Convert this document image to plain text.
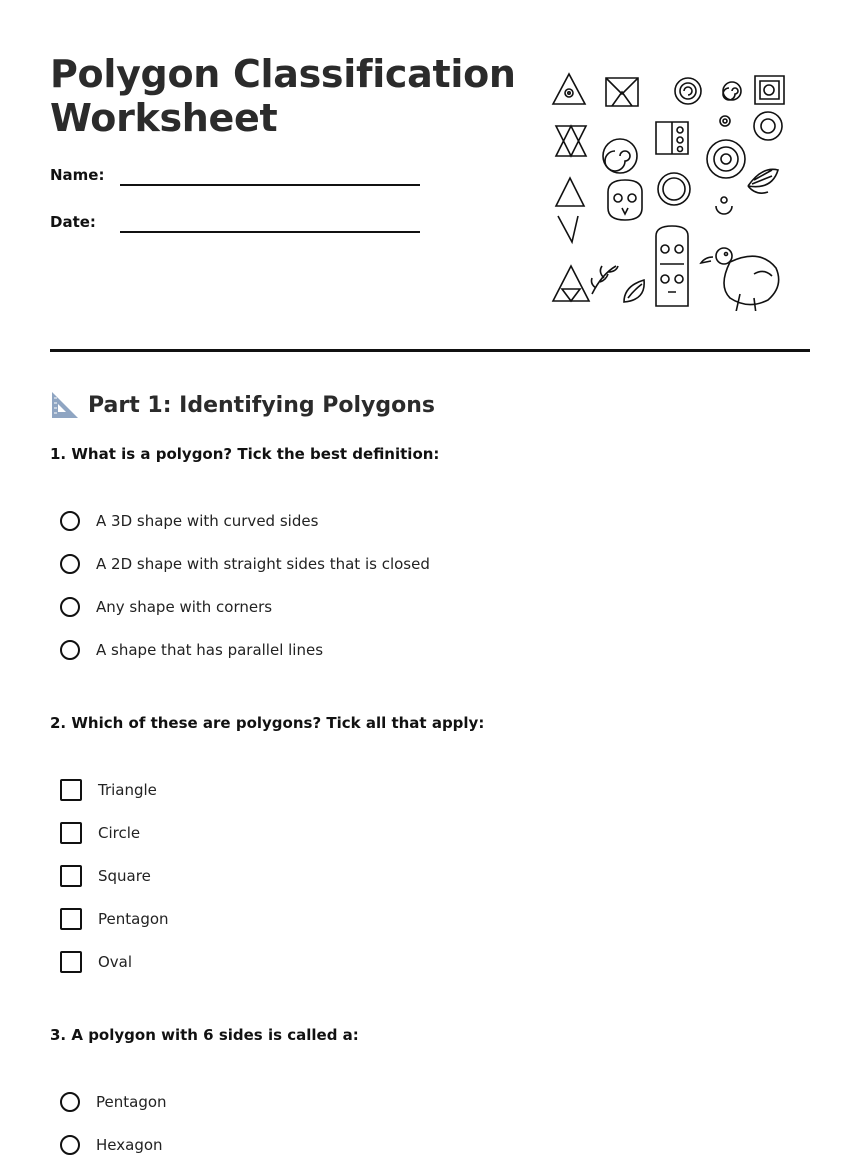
Polygon Classification Worksheet
Name:
Date:
Part 1: Identifying Polygons
1. What is a polygon? Tick the best definition:
A 3D shape with curved sides
A 2D shape with straight sides that is closed
Any shape with corners
A shape that has parallel lines
2. Which of these are polygons? Tick all that apply:
Triangle
Circle
Square
Pentagon
Oval
3. A polygon with 6 sides is called a:
Pentagon
Hexagon
